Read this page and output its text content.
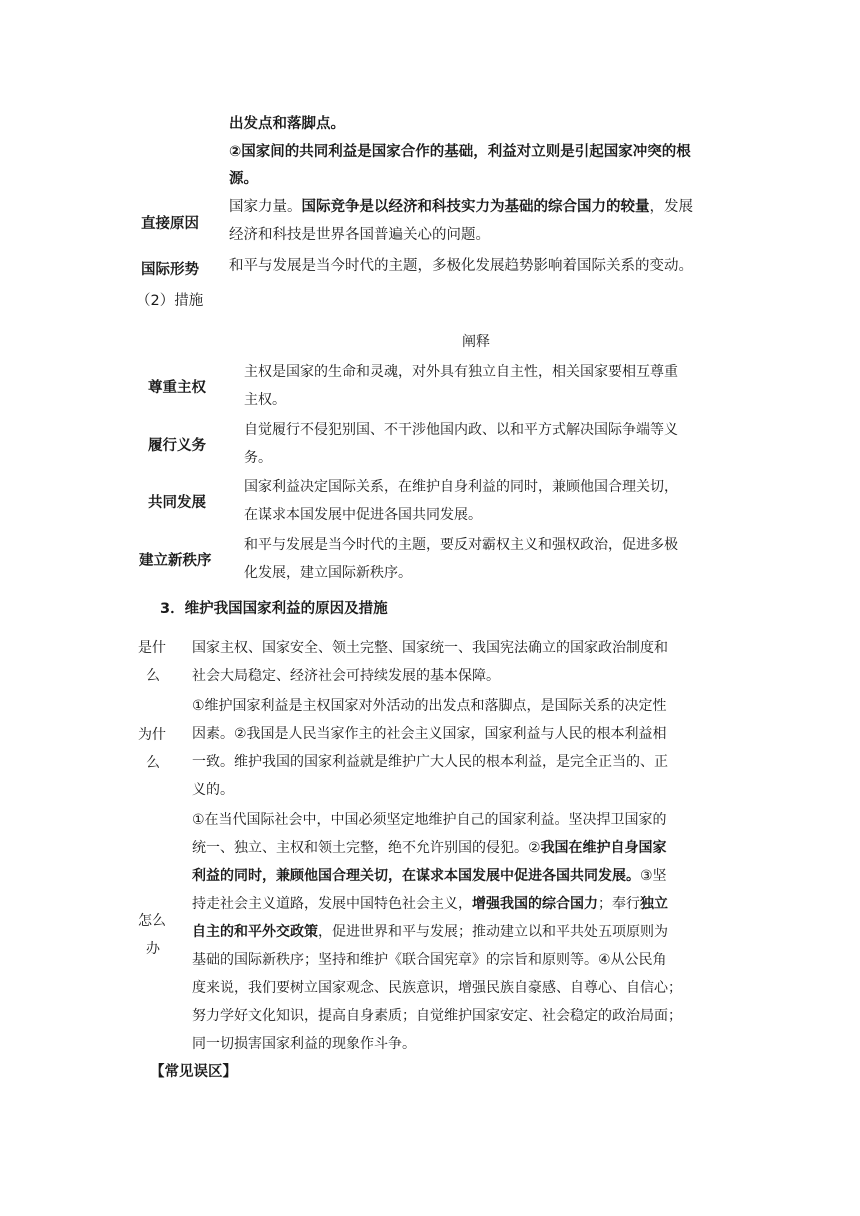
出发点和落脚点。
②国家间的共同利益是国家合作的基础，利益对立则是引起国家冲突的根
源。
直接原因
国家力量。国际竞争是以经济和科技实力为基础的综合国力的较量，发展
经济和科技是世界各国普遍关心的问题。
国际形势 和平与发展是当今时代的主题，多极化发展趋势影响着国际关系的变动。
（2）措施
阐释
尊重主权
主权是国家的生命和灵魂，对外具有独立自主性，相关国家要相互尊重
主权。
履行义务
自觉履行不侵犯别国、不干涉他国内政、以和平方式解决国际争端等义
务。
共同发展
国家利益决定国际关系，在维护自身利益的同时，兼顾他国合理关切，
在谋求本国发展中促进各国共同发展。
建立新秩序
和平与发展是当今时代的主题，要反对霸权主义和强权政治，促进多极
化发展，建立国际新秩序。
3．维护我国国家利益的原因及措施
是什
么
国家主权、国家安全、领土完整、国家统一、我国宪法确立的国家政治制度和
社会大局稳定、经济社会可持续发展的基本保障。
为什
么
①维护国家利益是主权国家对外活动的出发点和落脚点，是国际关系的决定性
因素。②我国是人民当家作主的社会主义国家，国家利益与人民的根本利益相
一致。维护我国的国家利益就是维护广大人民的根本利益，是完全正当的、正
义的。
怎么
办
①在当代国际社会中，中国必须坚定地维护自己的国家利益。坚决捍卫国家的
统一、独立、主权和领土完整，绝不允许别国的侵犯。②我国在维护自身国家
利益的同时，兼顾他国合理关切，在谋求本国发展中促进各国共同发展。③坚
持走社会主义道路，发展中国特色社会主义，增强我国的综合国力；奉行独立
自主的和平外交政策，促进世界和平与发展；推动建立以和平共处五项原则为
基础的国际新秩序；坚持和维护《联合国宪章》的宗旨和原则等。④从公民角
度来说，我们要树立国家观念、民族意识，增强民族自豪感、自尊心、自信心；
努力学好文化知识，提高自身素质；自觉维护国家安定、社会稳定的政治局面；
同一切损害国家利益的现象作斗争。
【常见误区】
